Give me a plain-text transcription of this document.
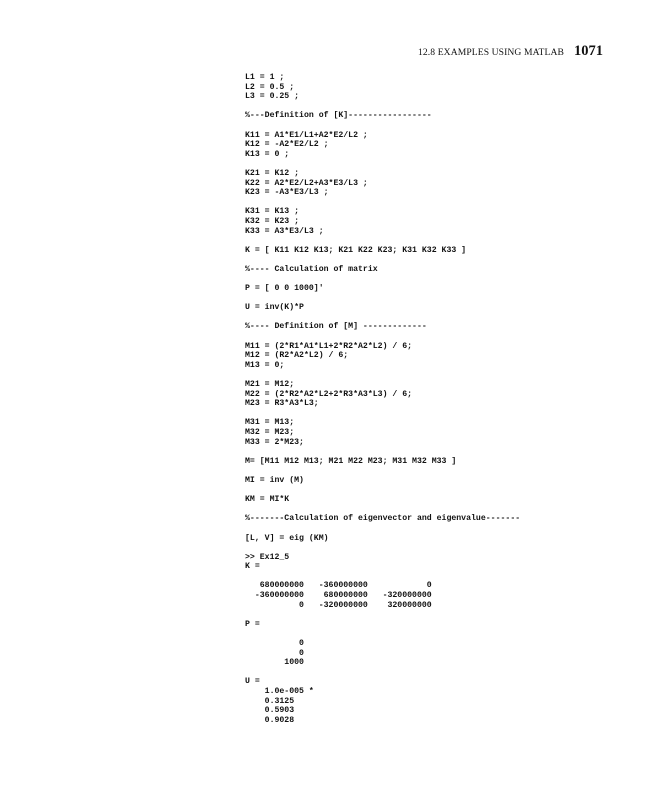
12.8 EXAMPLES USING MATLAB 1071
L1 = 1 ;
L2 = 0.5 ;
L3 = 0.25 ;
%---Definition of [K]-----------------
K11 = A1*E1/L1+A2*E2/L2 ;
K12 = -A2*E2/L2 ;
K13 = 0 ;
K21 = K12 ;
K22 = A2*E2/L2+A3*E3/L3 ;
K23 = -A3*E3/L3 ;
K31 = K13 ;
K32 = K23 ;
K33 = A3*E3/L3 ;
K = [ K11 K12 K13; K21 K22 K23; K31 K32 K33 ]
%---- Calculation of matrix
P = [ 0 0 1000]'
U = inv(K)*P
%---- Definition of [M] -------------
M11 = (2*R1*A1*L1+2*R2*A2*L2) / 6;
M12 = (R2*A2*L2) / 6;
M13 = 0;
M21 = M12;
M22 = (2*R2*A2*L2+2*R3*A3*L3) / 6;
M23 = R3*A3*L3;
M31 = M13;
M32 = M23;
M33 = 2*M23;
M= [M11 M12 M13; M21 M22 M23; M31 M32 M33 ]
MI = inv (M)
KM = MI*K
%-------Calculation of eigenvector and eigenvalue-------
[L, V] = eig (KM)
>> Ex12_5
K =
680000000   -360000000            0
-360000000    680000000   -320000000
0   -320000000    320000000
P =
0
0
1000
U =
1.0e-005 *
0.3125
0.5903
0.9028
